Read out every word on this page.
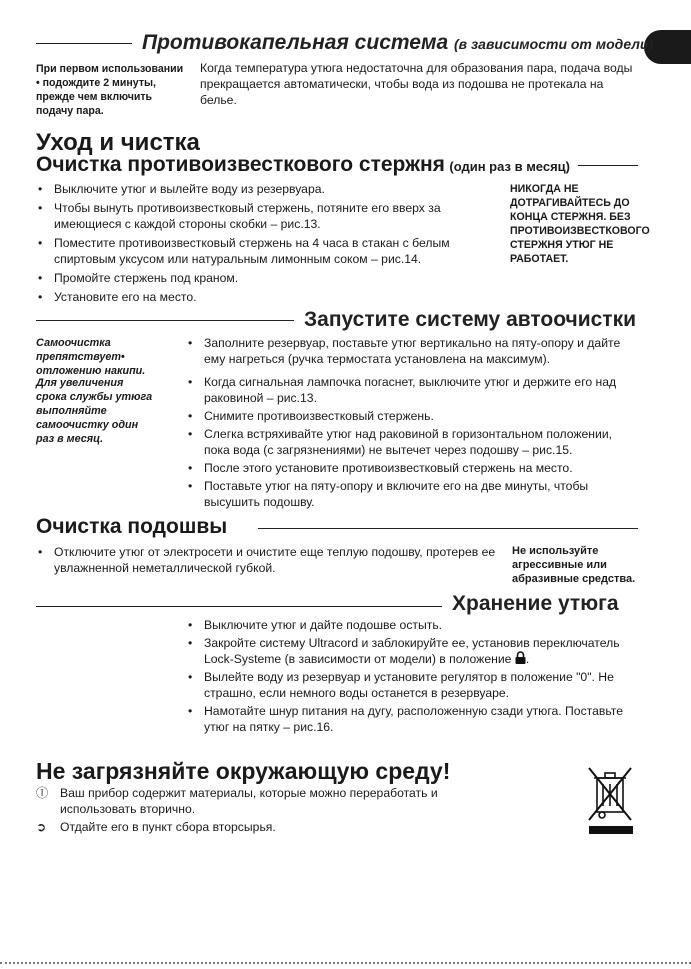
Противокапельная система (в зависимости от модели)
При первом использовании • подождите 2 минуты, прежде чем включить подачу пара.
Когда температура утюга недостаточна для образования пара, подача воды прекращается автоматически, чтобы вода из подошва не протекала на белье.
Уход и чистка
Очистка противоизвесткового стержня (один раз в месяц)
• Выключите утюг и вылейте воду из резервуара.
• Чтобы вынуть противоизвестковый стержень, потяните его вверх за имеющиеся с каждой стороны скобки – рис.13.
• Поместите противоизвестковый стержень на 4 часа в стакан с белым спиртовым уксусом или натуральным лимонным соком – рис.14.
• Промойте стержень под краном.
• Установите его на место.
НИКОГДА НЕ ДОТРАГИВАЙТЕСЬ ДО КОНЦА СТЕРЖНЯ. БЕЗ ПРОТИВОИЗВЕСТКОВОГО СТЕРЖНЯ УТЮГ НЕ РАБОТАЕТ.
Запустите систему автоочистки
Самоочистка препятствует• отложению накипи.
Для увеличения срока службы утюга выполняйте самоочистку один раз в месяц.
• Заполните резервуар, поставьте утюг вертикально на пяту-опору и дайте ему нагреться (ручка термостата установлена на максимум).
• Когда сигнальная лампочка погаснет, выключите утюг и держите его над раковиной – рис.13.
• Снимите противоизвестковый стержень.
• Слегка встряхивайте утюг над раковиной в горизонтальном положении, пока вода (с загрязнениями) не вытечет через подошву – рис.15.
• После этого установите противоизвестковый стержень на место.
• Поставьте утюг на пяту-опору и включите его на две минуты, чтобы высушить подошву.
Очистка подошвы
• Отключите утюг от электросети и очистите еще теплую подошву, протерев ее увлажненной неметаллической губкой.
Не используйте агрессивные или абразивные средства.
Хранение утюга
• Выключите утюг и дайте подошве остыть.
• Закройте систему Ultracord и заблокируйте ее, установив переключатель Lock-Systeme (в зависимости от модели) в положение .
• Вылейте воду из резервуар и установите регулятор в положение "0". Не страшно, если немного воды останется в резервуаре.
• Намотайте шнур питания на дугу, расположенную сзади утюга. Поставьте утюг на пятку – рис.16.
Не загрязняйте окружающую среду!
Ⓘ Ваш прибор содержит материалы, которые можно переработать и использовать вторично.
➲ Отдайте его в пункт сбора вторсырья.
